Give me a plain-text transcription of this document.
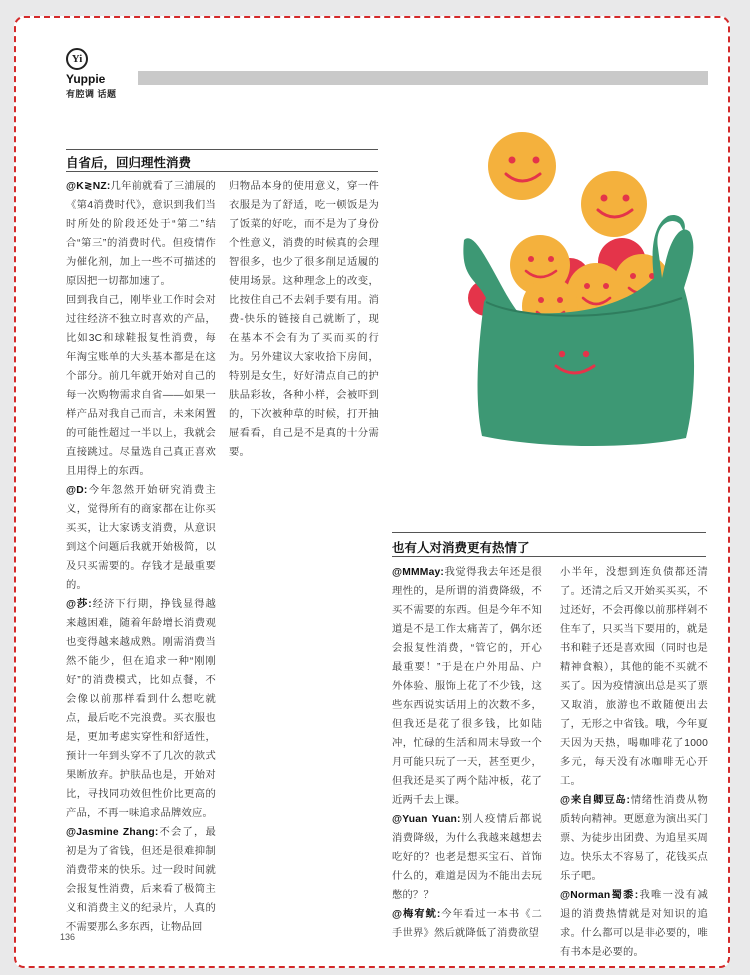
Yi
Yuppie
有腔调 话题
自省后，回归理性消费

@K≷NZ:几年前就看了三浦展的《第4消费时代》，意识到我们当时所处的阶段还处于“第二”结合“第三”的消费时代。但疫情作为催化剂，加上一些不可描述的原因把一切都加速了。

回到我自己，刚毕业工作时会对过往经济不独立时喜欢的产品，比如3C和球鞋报复性消费，每年淘宝账单的大头基本都是在这个部分。前几年就开始对自己的每一次购物需求自省——如果一样产品对我自己而言，未来闲置的可能性超过一半以上，我就会直接跳过。尽量选自己真正喜欢且用得上的东西。

@D:今年忽然开始研究消费主义，觉得所有的商家都在让你买买买，让大家诱支消费，从意识到这个问题后我就开始极简，以及只买需要的。存钱才是最重要的。

@莎:经济下行期，挣钱显得越来越困难，随着年龄增长消费观也变得越来越成熟。刚需消费当然不能少，但在追求一种“刚刚好”的消费模式，比如点餐，不会像以前那样看到什么想吃就点，最后吃不完浪费。买衣服也是，更加考虑实穿性和舒适性，预计一年到头穿不了几次的款式果断放弃。护肤品也是，开始对比，寻找同功效但性价比更高的产品，不再一味追求品牌效应。

@Jasmine Zhang:不会了，最初是为了省钱，但还是很难抑制消费带来的快乐。过一段时间就会报复性消费，后来看了极简主义和消费主义的纪录片，人真的不需要那么多东西，让物品回

归物品本身的使用意义，穿一件衣服是为了舒适，吃一顿饭是为了饭菜的好吃，而不是为了身份个性意义，消费的时候真的会理智很多，也少了很多削足适履的使用场景。这种理念上的改变，比按住自己不去剁手要有用。消费-快乐的链接自己就断了，现在基本不会有为了买而买的行为。另外建议大家收拾下房间，特别是女生，好好清点自己的护肤品彩妆，各种小样，会被吓到的，下次被种草的时候，打开抽屉看看，自己是不是真的十分需要。

也有人对消费更有热情了

@MMMay:我觉得我去年还是很理性的，是所谓的消费降级，不买不需要的东西。但是今年不知道是不是工作太痛苦了，偶尔还会报复性消费，“管它的，开心最重要！”于是在户外用品、户外体验、服饰上花了不少钱，这些东西说实话用上的次数不多，但我还是花了很多钱，比如陆冲，忙碌的生活和周末导致一个月可能只玩了一天，甚至更少，但我还是买了两个陆冲板，花了近两千去上课。

@Yuan Yuan:别人疫情后都说消费降级，为什么我越来越想去吃好的？也老是想买宝石、首饰什么的，难道是因为不能出去玩憋的？？

@梅宥鱿:今年看过一本书《二手世界》然后就降低了消费欲望

小半年，没想到连负债都还清了。还清之后又开始买买买，不过还好，不会再像以前那样剁不住车了，只买当下要用的，就是书和鞋子还是喜欢囤（同时也是精神食粮），其他的能不买就不买了。因为疫情演出总是买了票又取消，旅游也不敢随便出去了，无形之中省钱。哦，今年夏天因为天热，喝咖啡花了1000多元，每天没有冰咖啡无心开工。

@来自卿豆岛:情绪性消费从物质转向精神。更愿意为演出买门票、为徒步出团费、为追星买周边。快乐太不容易了，花钱买点乐子吧。

@Norman蜀黍:我唯一没有减退的消费热情就是对知识的追求。什么都可以是非必要的，唯有书本是必要的。

136
